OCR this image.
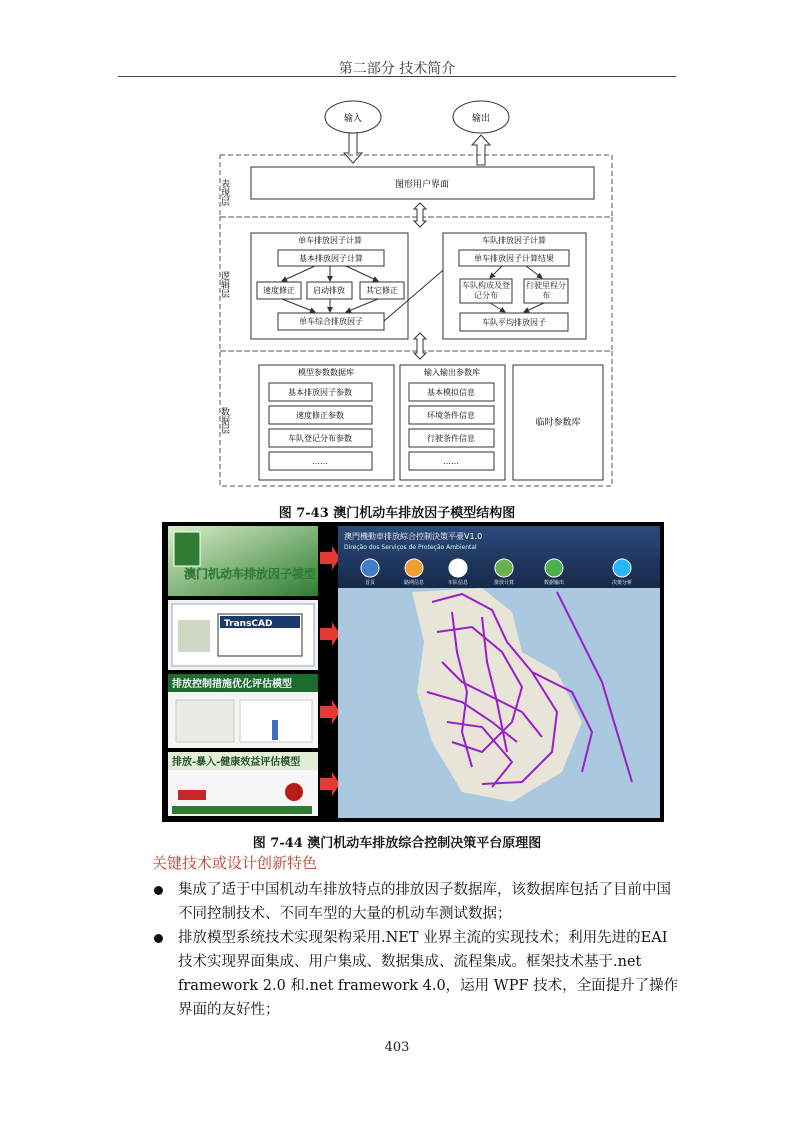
第二部分 技术简介
输入	输出
表现层
逻辑层
数据层
图形用户界面
单车排放因子计算
基本排放因子计算
速度修正 启动排放	其它修正
单车综合排放因子
车队排放因子计算
单车排放因子计算结果
车队构成及登记分布
行驶里程分布
车队平均排放因子
模型参数数据库
基本排放因子参数
速度修正参数
车队登记分布参数
……
输入输出参数库
基本模拟信息
环境条件信息
行驶条件信息
……
临时参数库
图 7-43 澳门机动车排放因子模型结构图
澳门机动车排放因子模型
TransCAD
排放控制措施优化评估模型
排放-暴入-健康效益评估模型
澳門機動車排放綜合控制決策平臺V1.0
Direção dos Serviços de Proteção Ambiental
首页	路网信息	车队信息	排放计算	数据输出	决策分析
图 7-44 澳门机动车排放综合控制决策平台原理图
关键技术或设计创新特色
集成了适于中国机动车排放特点的排放因子数据库，该数据库包括了目前中国不同控制技术、不同车型的大量的机动车测试数据；
排放模型系统技术实现架构采用.NET 业界主流的实现技术；利用先进的EAI 技术实现界面集成、用户集成、数据集成、流程集成。框架技术基于.net framework 2.0 和.net framework 4.0，运用 WPF 技术，全面提升了操作界面的友好性；
403
